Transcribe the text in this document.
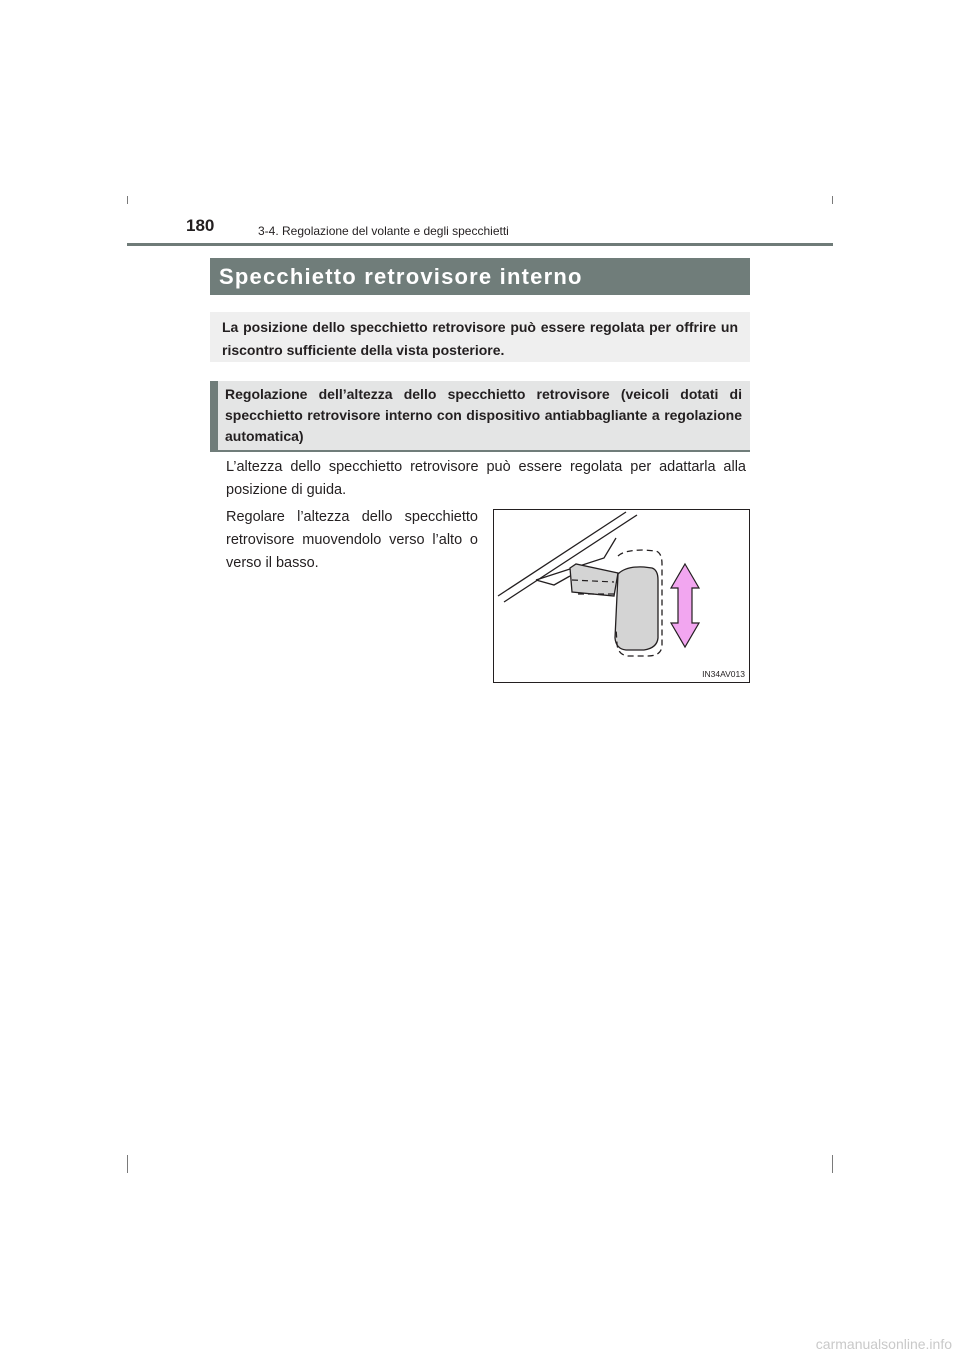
180	3-4. Regolazione del volante e degli specchietti
Specchietto retrovisore interno
La posizione dello specchietto retrovisore può essere regolata per offrire un riscontro sufficiente della vista posteriore.
Regolazione dell’altezza dello specchietto retrovisore (veicoli dotati di specchietto retrovisore interno con dispositivo antiabbagliante a regolazione automatica)
L’altezza dello specchietto retrovisore può essere regolata per adattarla alla posizione di guida.
Regolare l’altezza dello specchietto retrovisore muovendolo verso l’alto o verso il basso.
IN34AV013
carmanualsonline.info
